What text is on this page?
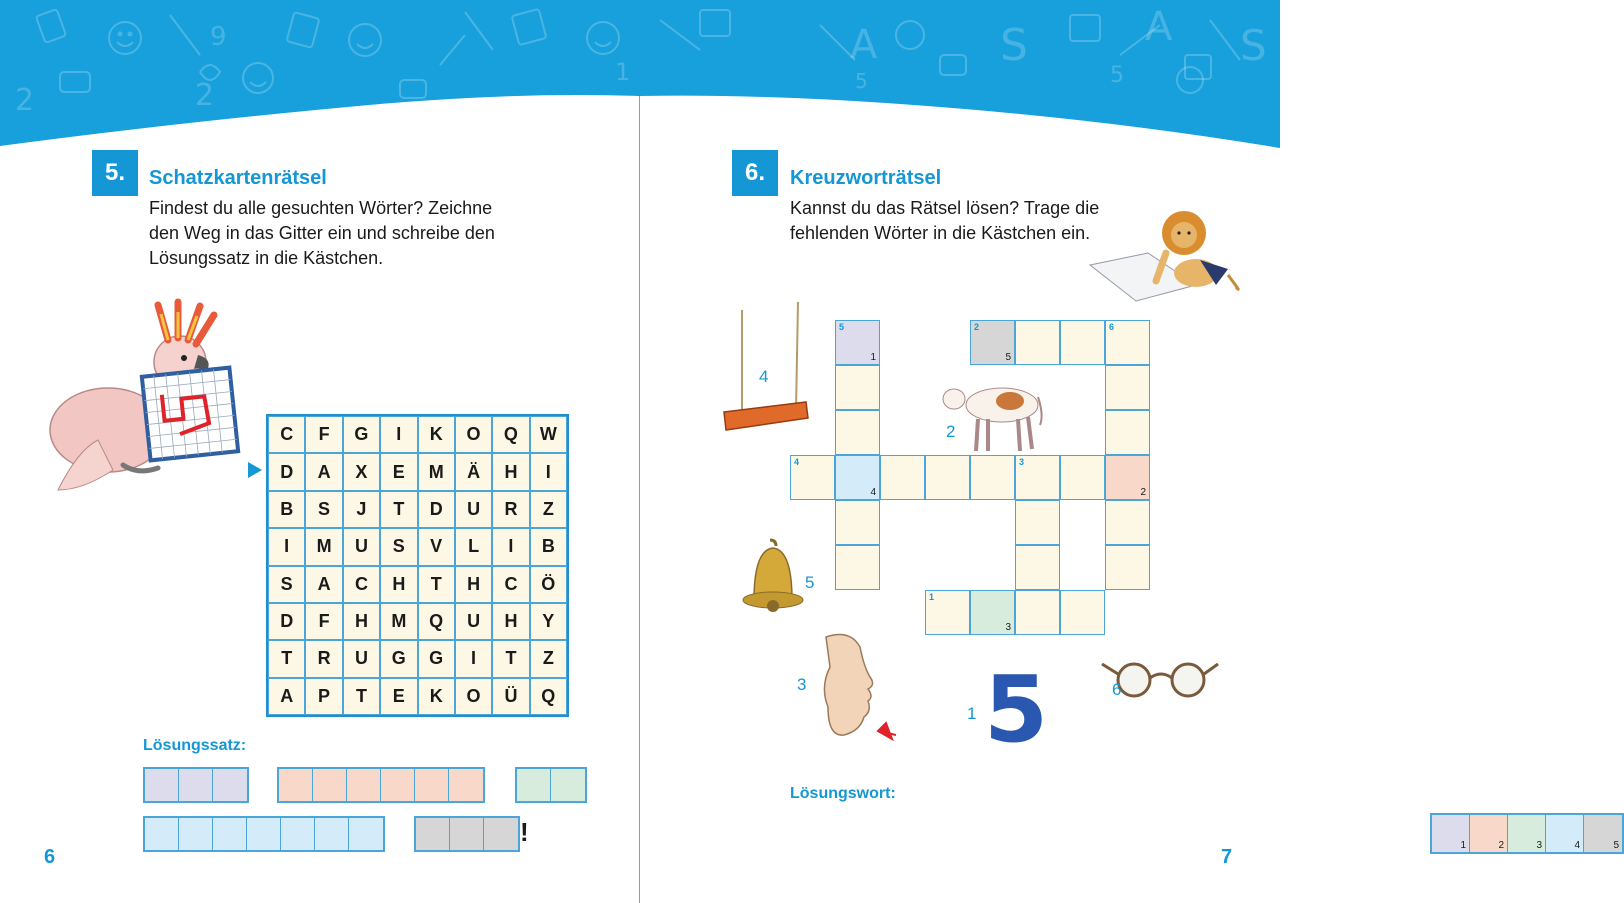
9
2	2
1
5.	Schatzkartenrätsel
Findest du alle gesuchten Wörter? Zeichne
den Weg in das Gitter ein und schreibe den
Lösungssatz in die Kästchen.
C	F	G	I	K	O	Q	W
D	A	X	E	M	Ä	H	I
B	S	J	T	D	U	R	Z
I	M	U	S	V	L	I	B
S	A	C	H	T	H	C	Ö
D	F	H	M	Q	U	H	Y
T	R	U	G	G	I	T	Z
A	P	T	E	K	O	Ü	Q
Lösungssatz:
!
6
A	S	A S
5	5
6.	Kreuzworträtsel
Kannst du das Rätsel lösen? Trage die
fehlenden Wörter in die Kästchen ein.
4
2
5
1
4
2
5
6
2
4	3
1
3
5
3
1 5	6
Lösungswort:
1	2	3	4	5
7
